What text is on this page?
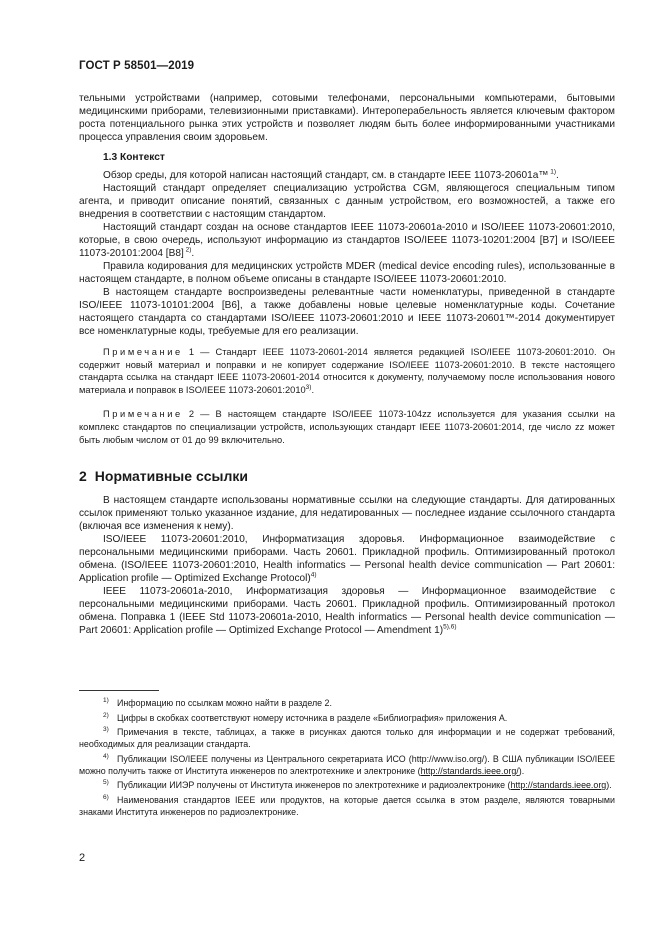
ГОСТ Р 58501—2019

тельными устройствами (например, сотовыми телефонами, персональными компьютерами, бытовыми медицинскими приборами, телевизионными приставками). Интероперабельность является ключевым фактором роста потенциального рынка этих устройств и позволяет людям быть более информированными участниками процесса управления своим здоровьем.

1.3 Контекст

Обзор среды, для которой написан настоящий стандарт, см. в стандарте IEEE 11073-20601a™ $^{1)}$.

Настоящий стандарт определяет специализацию устройства CGM, являющегося специальным типом агента, и приводит описание понятий, связанных с данным устройством, его возможностей, а также его внедрения в соответствии с настоящим стандартом.

Настоящий стандарт создан на основе стандартов IEEE 11073-20601a-2010 и ISO/IEEE 11073-20601:2010, которые, в свою очередь, используют информацию из стандартов ISO/IEEE 11073-10201:2004 [B7] и ISO/IEEE 11073-20101:2004 [B8] $^{2)}$.

Правила кодирования для медицинских устройств MDER (medical device encoding rules), использованные в настоящем стандарте, в полном объеме описаны в стандарте ISO/IEEE 11073-20601:2010.

В настоящем стандарте воспроизведены релевантные части номенклатуры, приведенной в стандарте ISO/IEEE 11073-10101:2004 [B6], а также добавлены новые целевые номенклатурные коды. Сочетание настоящего стандарта со стандартами ISO/IEEE 11073-20601:2010 и IEEE 11073-20601™-2014 документирует все номенклатурные коды, требуемые для его реализации.

Примечание 1 — Стандарт IEEE 11073-20601-2014 является редакцией ISO/IEEE 11073-20601:2010. Он содержит новый материал и поправки и не копирует содержание ISO/IEEE 11073-20601:2010. В тексте настоящего стандарта ссылка на стандарт IEEE 11073-20601-2014 относится к документу, получаемому после использования нового материала и поправок в ISO/IEEE 11073-20601:2010$^{3)}$.

Примечание 2 — В настоящем стандарте ISO/IEEE 11073-104zz используется для указания ссылки на комплекс стандартов по специализации устройств, использующих стандарт IEEE 11073-20601:2014, где число zz может быть любым числом от 01 до 99 включительно.

2 Нормативные ссылки

В настоящем стандарте использованы нормативные ссылки на следующие стандарты. Для датированных ссылок применяют только указанное издание, для недатированных — последнее издание ссылочного стандарта (включая все изменения к нему).

ISO/IEEE 11073-20601:2010, Информатизация здоровья. Информационное взаимодействие с персональными медицинскими приборами. Часть 20601. Прикладной профиль. Оптимизированный протокол обмена. (ISO/IEEE 11073-20601:2010, Health informatics — Personal health device communication — Part 20601: Application profile — Optimized Exchange Protocol)$^{4)}$

IEEE 11073-20601a-2010, Информатизация здоровья — Информационное взаимодействие с персональными медицинскими приборами. Часть 20601. Прикладной профиль. Оптимизированный протокол обмена. Поправка 1 (IEEE Std 11073-20601a-2010, Health informatics — Personal health device communication — Part 20601: Application profile — Optimized Exchange Protocol — Amendment 1)$^{5),6)}$

$^{1)}$ Информацию по ссылкам можно найти в разделе 2.

$^{2)}$ Цифры в скобках соответствуют номеру источника в разделе «Библиография» приложения А.

$^{3)}$ Примечания в тексте, таблицах, а также в рисунках даются только для информации и не содержат требований, необходимых для реализации стандарта.

$^{4)}$ Публикации ISO/IEEE получены из Центрального секретариата ИСО (http://www.iso.org/). В США публикации ISO/IEEE можно получить также от Института инженеров по электротехнике и электронике (http://standards.ieee.org/).

$^{5)}$ Публикации ИИЭР получены от Института инженеров по электротехнике и радиоэлектронике (http://standards.ieee.org).

$^{6)}$ Наименования стандартов IEEE или продуктов, на которые дается ссылка в этом разделе, являются товарными знаками Института инженеров по радиоэлектронике.

2
